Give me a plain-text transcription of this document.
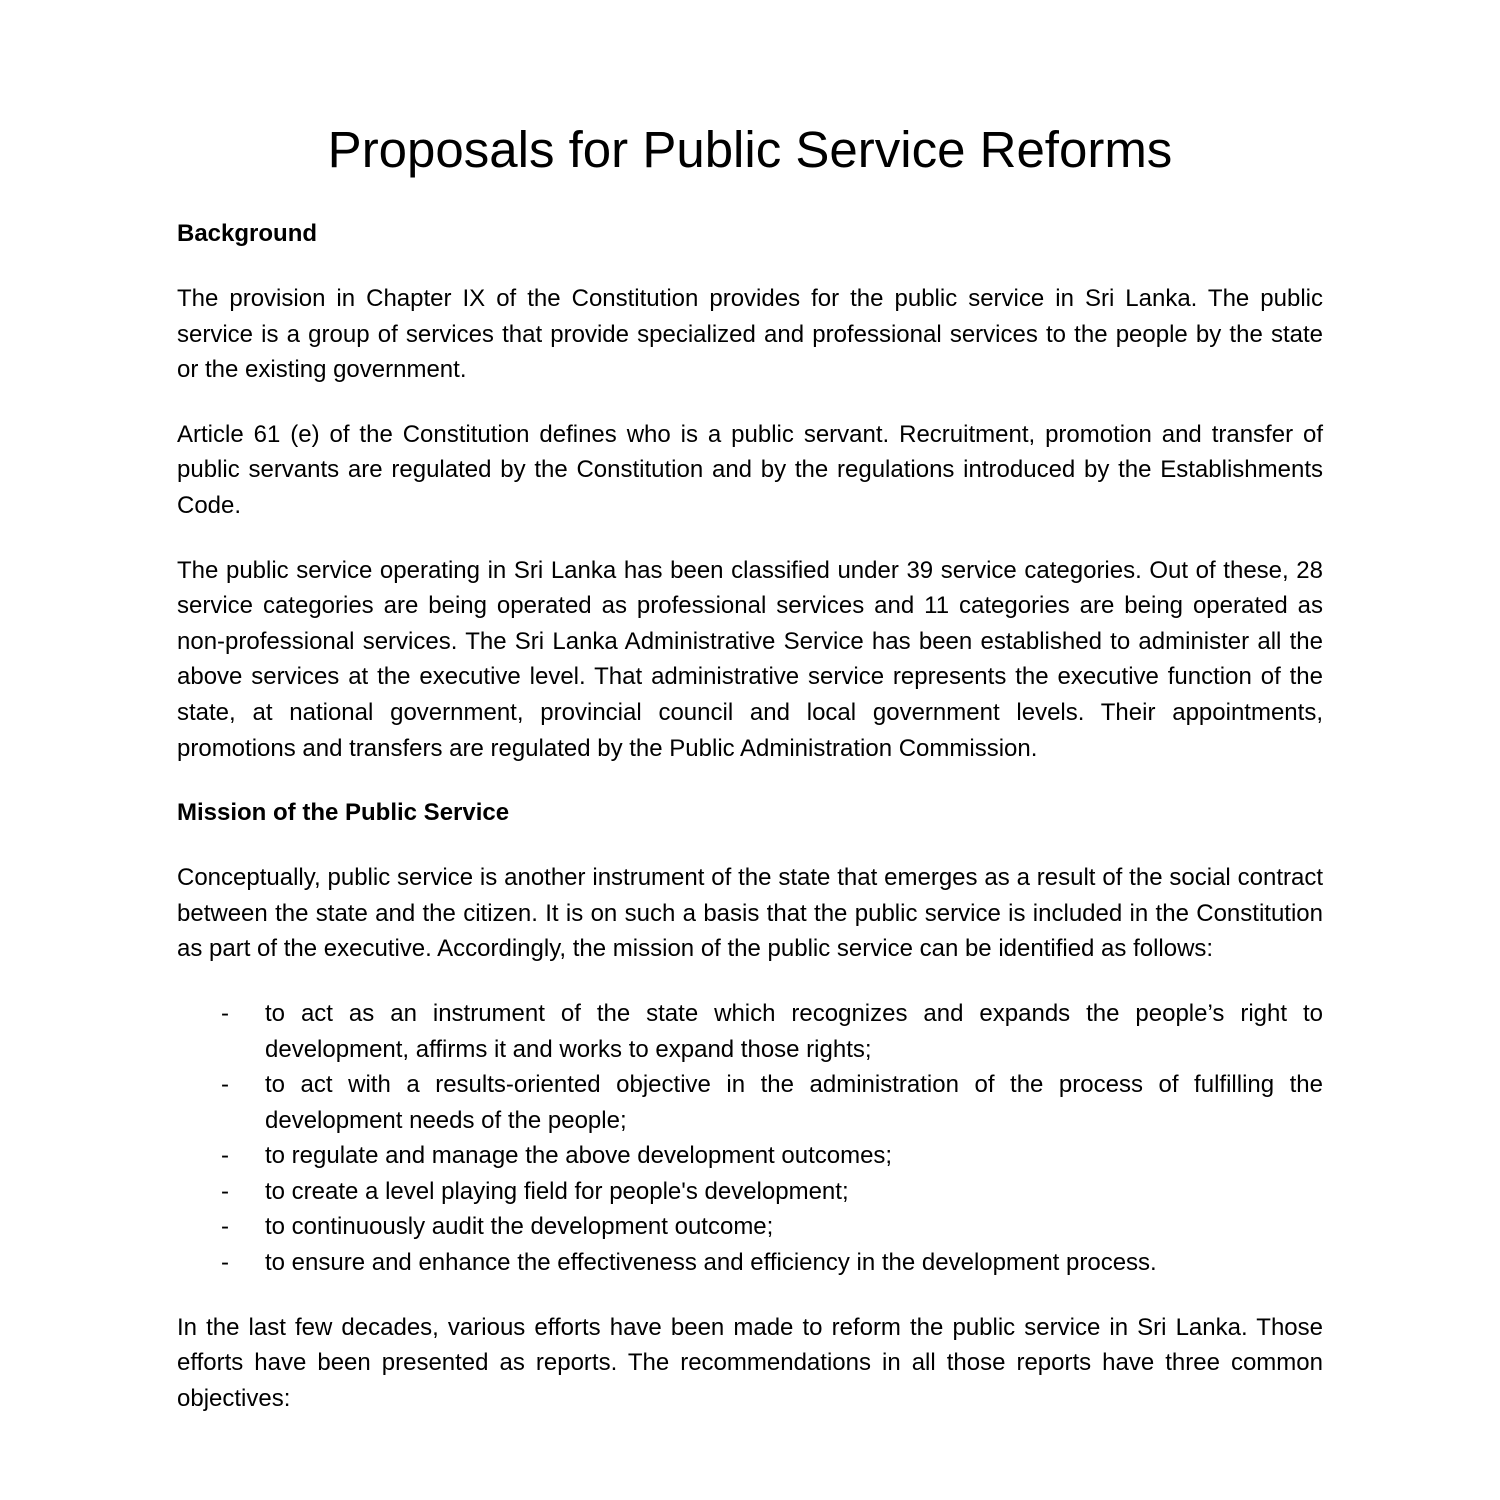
Proposals for Public Service Reforms

Background

The provision in Chapter IX of the Constitution provides for the public service in Sri Lanka. The public service is a group of services that provide specialized and professional services to the people by the state or the existing government.

Article 61 (e) of the Constitution defines who is a public servant. Recruitment, promotion and transfer of public servants are regulated by the Constitution and by the regulations introduced by the Establishments Code.

The public service operating in Sri Lanka has been classified under 39 service categories. Out of these, 28 service categories are being operated as professional services and 11 categories are being operated as non-professional services. The Sri Lanka Administrative Service has been established to administer all the above services at the executive level. That administrative service represents the executive function of the state, at national government, provincial council and local government levels. Their appointments, promotions and transfers are regulated by the Public Administration Commission.

Mission of the Public Service

Conceptually, public service is another instrument of the state that emerges as a result of the social contract between the state and the citizen. It is on such a basis that the public service is included in the Constitution as part of the executive. Accordingly, the mission of the public service can be identified as follows:

- to act as an instrument of the state which recognizes and expands the people’s right to development, affirms it and works to expand those rights;
- to act with a results-oriented objective in the administration of the process of fulfilling the development needs of the people;
- to regulate and manage the above development outcomes;
- to create a level playing field for people's development;
- to continuously audit the development outcome;
- to ensure and enhance the effectiveness and efficiency in the development process.

In the last few decades, various efforts have been made to reform the public service in Sri Lanka. Those efforts have been presented as reports. The recommendations in all those reports have three common objectives:
